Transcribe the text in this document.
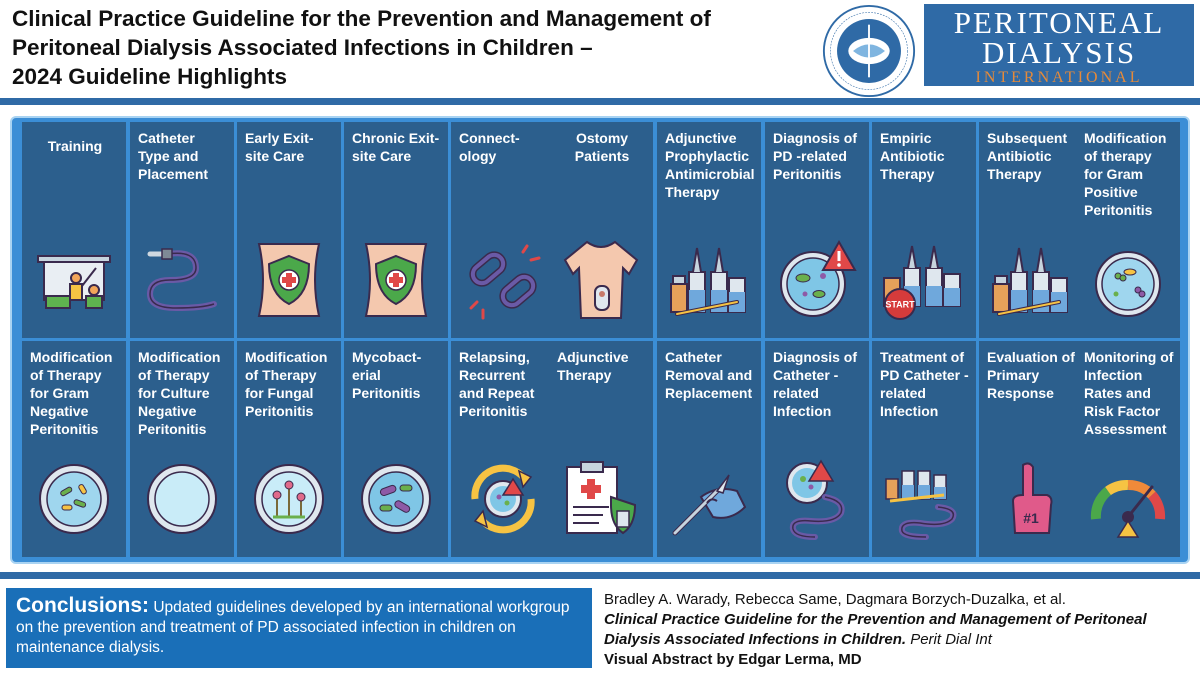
Clinical Practice Guideline for the Prevention and Management of
Peritoneal Dialysis Associated Infections in Children –
2024 Guideline Highlights
PERITONEAL
DIALYSIS
INTERNATIONAL
Training	Catheter Type and Placement
Early Exit-site Care
Chronic Exit-site Care
Connect-ology
Ostomy Patients
Adjunctive Prophylactic Antimicrobial Therapy
Diagnosis of PD -related Peritonitis
Empiric Antibiotic Therapy
START
Subsequent Antibiotic Therapy
Modification of therapy for Gram Positive Peritonitis
Modification of Therapy for Gram Negative Peritonitis
Modification of Therapy for Culture Negative Peritonitis
Modification of Therapy for Fungal Peritonitis
Mycobact-erial Peritonitis
Relapsing, Recurrent and Repeat Peritonitis
Adjunctive Therapy
Catheter Removal and Replacement
Diagnosis of Catheter -related Infection
Treatment of PD Catheter -related Infection
Evaluation of Primary Response
#1
Monitoring of Infection Rates and Risk Factor Assessment
Conclusions: Updated guidelines developed by an international workgroup on the prevention and treatment of PD associated infection in children on maintenance dialysis.
Bradley A. Warady, Rebecca Same, Dagmara Borzych-Duzalka, et al.
Clinical Practice Guideline for the Prevention and Management of Peritoneal Dialysis Associated Infections in Children. Perit Dial Int
Visual Abstract by Edgar Lerma, MD
